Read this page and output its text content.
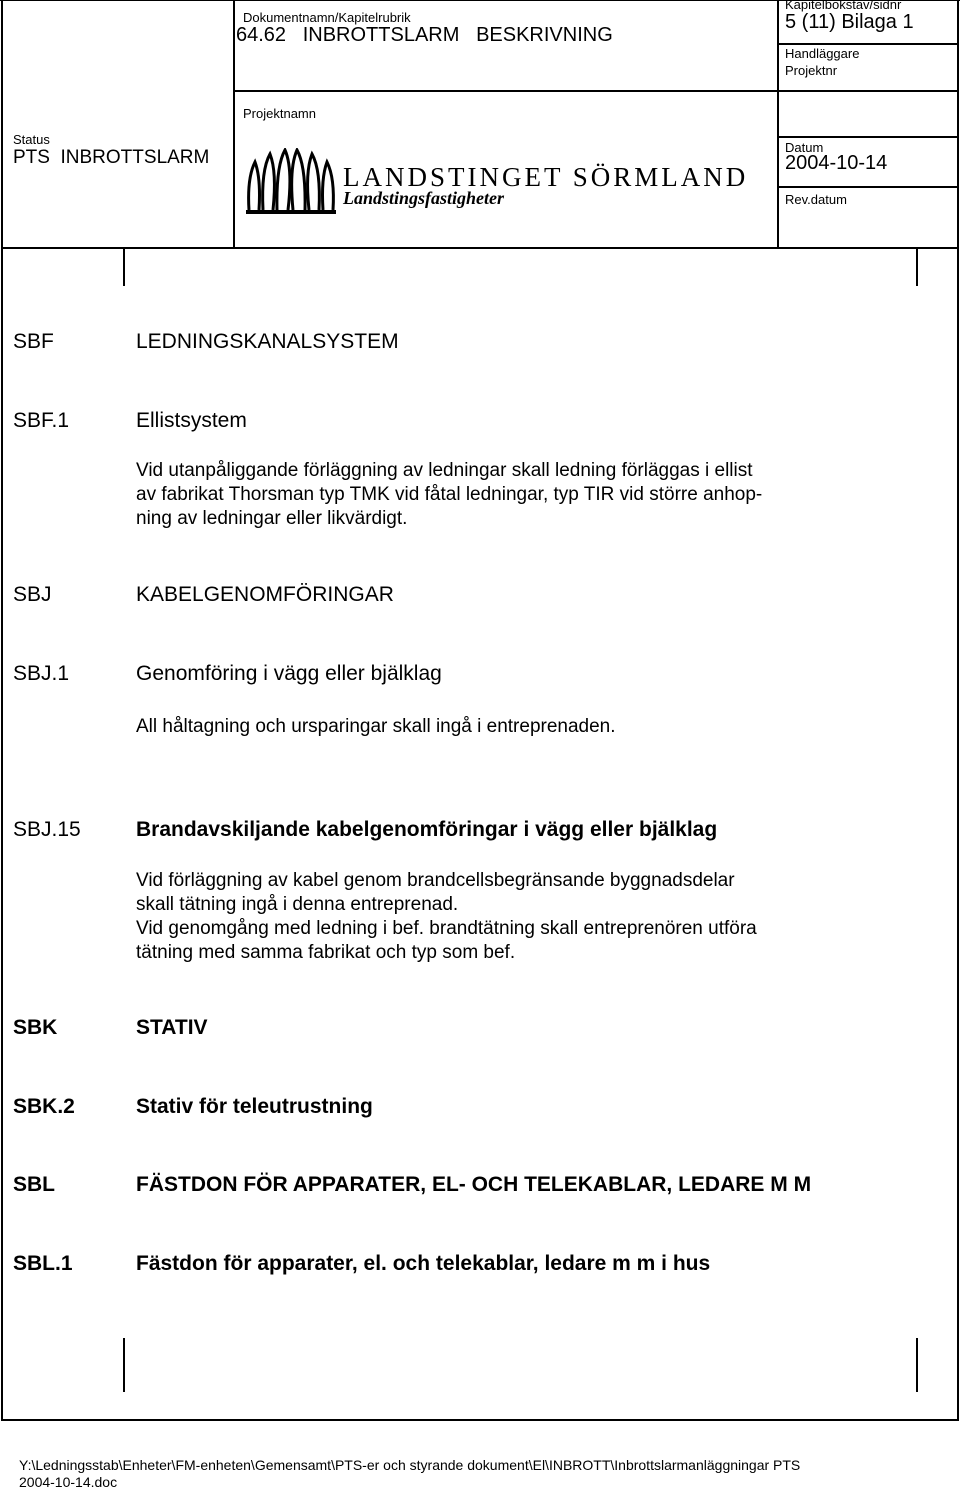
Dokumentnamn/Kapitelrubrik
64.62   INBROTTSLARM   BESKRIVNING
Kapitelbokstav/sidnr
5 (11) Bilaga 1
Handläggare
Projektnr
Projektnamn
Status
PTS  INBROTTSLARM	Datum
2004-10-14
Rev.datum
LANDSTINGET SÖRMLAND
Landstingsfastigheter
SBF	LEDNINGSKANALSYSTEM
SBF.1	Ellistsystem
Vid utanpåliggande förläggning av ledningar skall ledning förläggas i ellist
av fabrikat Thorsman typ TMK vid fåtal ledningar, typ TIR vid större anhop-
ning av ledningar eller likvärdigt.
SBJ	KABELGENOMFÖRINGAR
SBJ.1	Genomföring i vägg eller bjälklag
All håltagning och ursparingar skall ingå i entreprenaden.
SBJ.15	Brandavskiljande kabelgenomföringar i vägg eller bjälklag
Vid förläggning av kabel genom brandcellsbegränsande byggnadsdelar
skall tätning ingå i denna entreprenad.
Vid genomgång med ledning i bef. brandtätning skall entreprenören utföra
tätning med samma fabrikat och typ som bef.
SBK	STATIV
SBK.2	Stativ för teleutrustning
SBL	FÄSTDON FÖR APPARATER, EL- OCH TELEKABLAR, LEDARE M M
SBL.1	Fästdon för apparater, el. och telekablar, ledare m m i hus
Y:\Ledningsstab\Enheter\FM-enheten\Gemensamt\PTS-er och styrande dokument\El\INBROTT\Inbrottslarmanläggningar PTS
2004-10-14.doc
